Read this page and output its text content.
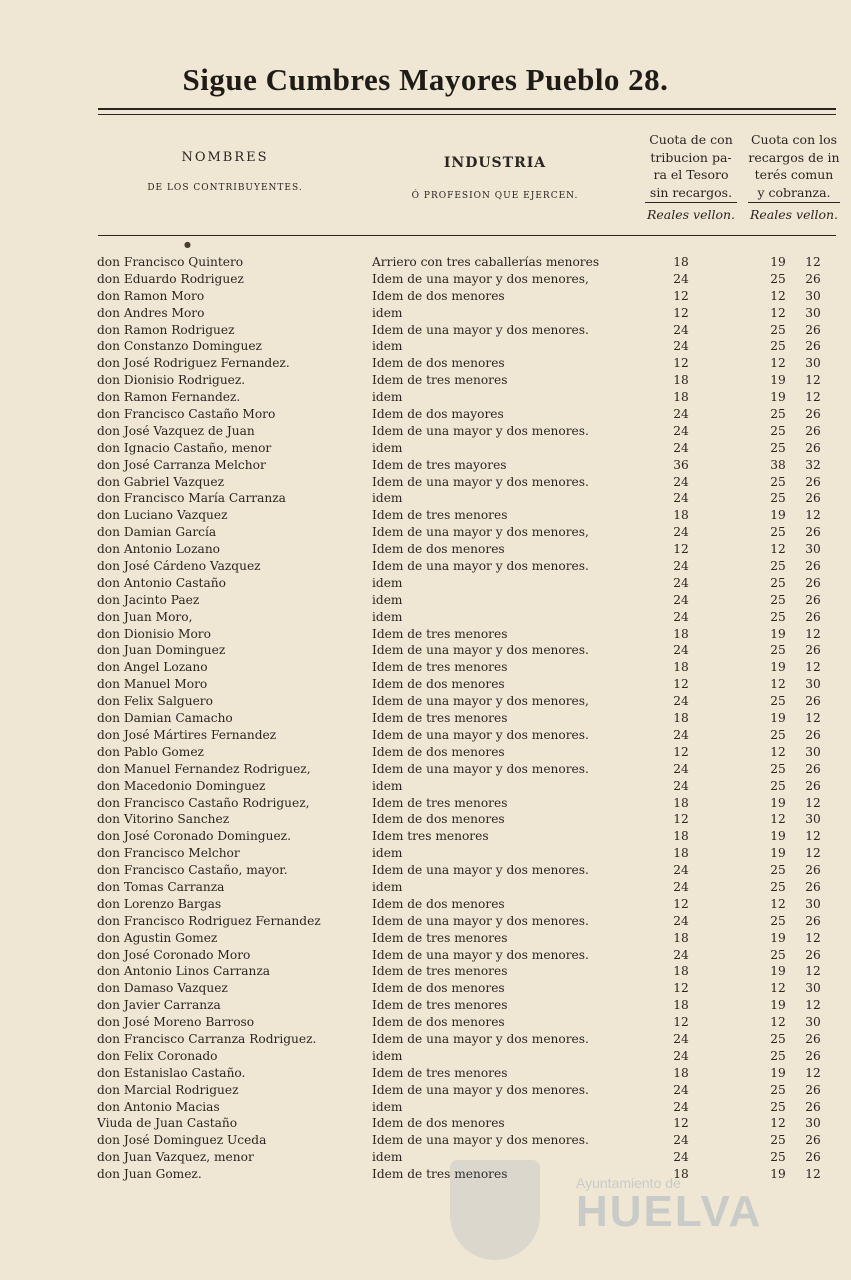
Sigue Cumbres Mayores Pueblo 28.
NOMBRES
DE LOS CONTRIBUYENTES.
INDUSTRIA
Ó PROFESION QUE EJERCEN.
Cuota de con
tribucion pa-
ra el Tesoro
sin recargos.
Reales vellon.
Cuota con los
recargos de in
terés comun
y cobranza.
Reales vellon.
●
don Francisco Quintero	Arriero con tres caballerías menores	18	19	12
don Eduardo Rodriguez	Idem de una mayor y dos menores,	24	25	26
don Ramon Moro	Idem de dos menores	12	12	30
don Andres Moro	idem	12	12	30
don Ramon Rodriguez	Idem de una mayor y dos menores.	24	25	26
don Constanzo Dominguez	idem	24	25	26
don José Rodriguez Fernandez.	Idem de dos menores	12	12	30
don Dionisio Rodriguez.	Idem de tres menores	18	19	12
don Ramon Fernandez.	idem	18	19	12
don Francisco Castaño Moro	Idem de dos mayores	24	25	26
don José Vazquez de Juan	Idem de una mayor y dos menores.	24	25	26
don Ignacio Castaño, menor	idem	24	25	26
don José Carranza Melchor	Idem de tres mayores	36	38	32
don Gabriel Vazquez	Idem de una mayor y dos menores.	24	25	26
don Francisco María Carranza	idem	24	25	26
don Luciano Vazquez	Idem de tres menores	18	19	12
don Damian García	Idem de una mayor y dos menores,	24	25	26
don Antonio Lozano	Idem de dos menores	12	12	30
don José Cárdeno Vazquez	Idem de una mayor y dos menores.	24	25	26
don Antonio Castaño	idem	24	25	26
don Jacinto Paez	idem	24	25	26
don Juan Moro,	idem	24	25	26
don Dionisio Moro	Idem de tres menores	18	19	12
don Juan Dominguez	Idem de una mayor y dos menores.	24	25	26
don Angel Lozano	Idem de tres menores	18	19	12
don Manuel Moro	Idem de dos menores	12	12	30
don Felix Salguero	Idem de una mayor y dos menores,	24	25	26
don Damian Camacho	Idem de tres menores	18	19	12
don José Mártires Fernandez	Idem de una mayor y dos menores.	24	25	26
don Pablo Gomez	Idem de dos menores	12	12	30
don Manuel Fernandez Rodriguez,	Idem de una mayor y dos menores.	24	25	26
don Macedonio Dominguez	idem	24	25	26
don Francisco Castaño Rodriguez,	Idem de tres menores	18	19	12
don Vitorino Sanchez	Idem de dos menores	12	12	30
don José Coronado Dominguez.	Idem tres menores	18	19	12
don Francisco Melchor	idem	18	19	12
don Francisco Castaño, mayor.	Idem de una mayor y dos menores.	24	25	26
don Tomas Carranza	idem	24	25	26
don Lorenzo Bargas	Idem de dos menores	12	12	30
don Francisco Rodriguez Fernandez	Idem de una mayor y dos menores.	24	25	26
don Agustin Gomez	Idem de tres menores	18	19	12
don José Coronado Moro	Idem de una mayor y dos menores.	24	25	26
don Antonio Linos Carranza	Idem de tres menores	18	19	12
don Damaso Vazquez	Idem de dos menores	12	12	30
don Javier Carranza	Idem de tres menores	18	19	12
don José Moreno Barroso	Idem de dos menores	12	12	30
don Francisco Carranza Rodriguez.	Idem de una mayor y dos menores.	24	25	26
don Felix Coronado	idem	24	25	26
don Estanislao Castaño.	Idem de tres menores	18	19	12
don Marcial Rodriguez	Idem de una mayor y dos menores.	24	25	26
don Antonio Macias	idem	24	25	26
Viuda de Juan Castaño	Idem de dos menores	12	12	30
don José Dominguez Uceda	Idem de una mayor y dos menores.	24	25	26
don Juan Vazquez, menor	idem	24	25	26
don Juan Gomez.	Idem de tres menores	18	19	12
Ayuntamiento de
HUELVA
